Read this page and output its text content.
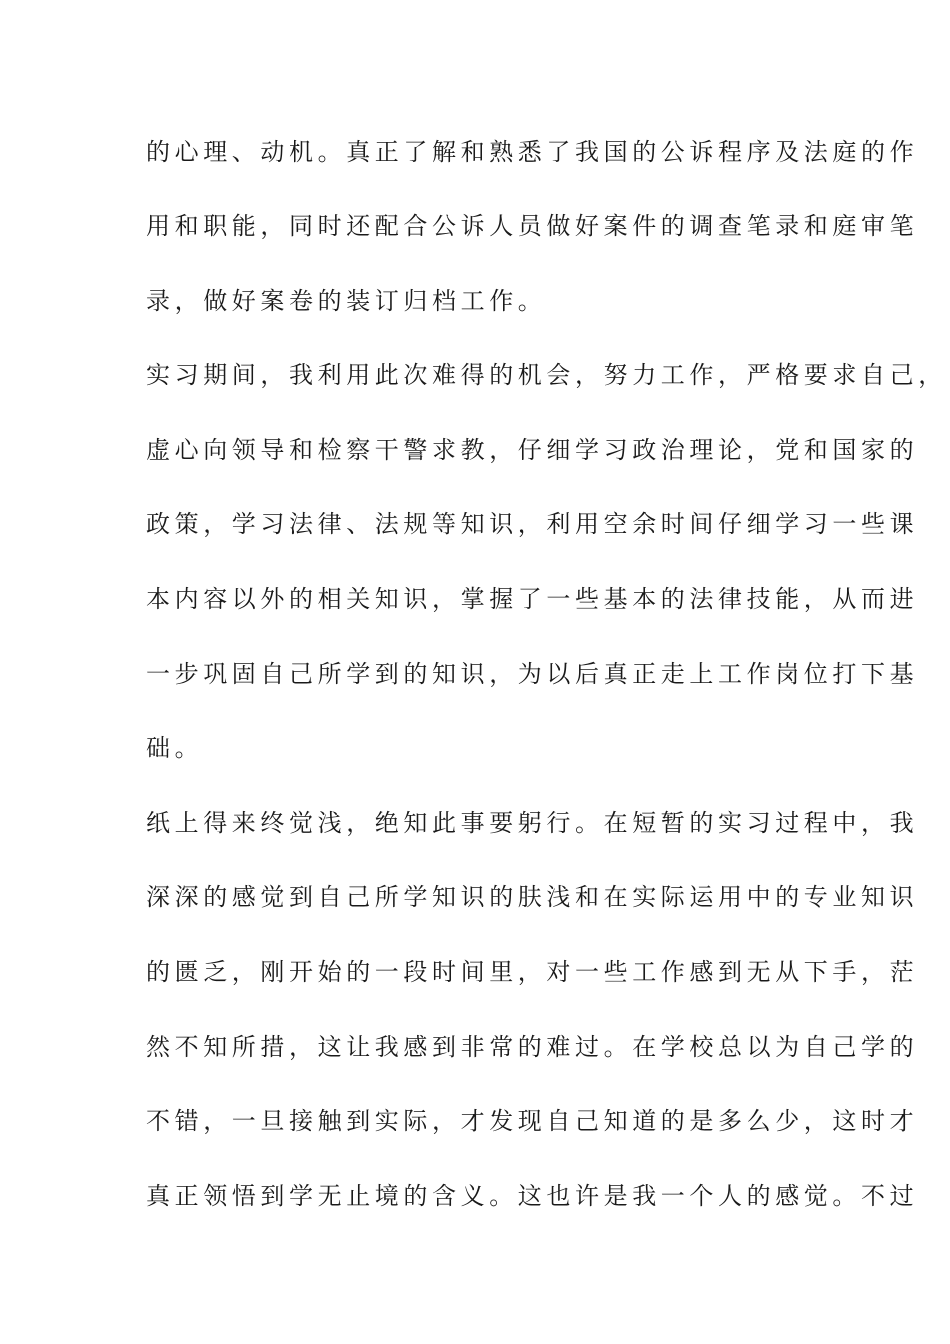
的心理、动机。真正了解和熟悉了我国的公诉程序及法庭的作
用和职能，同时还配合公诉人员做好案件的调查笔录和庭审笔
录，做好案卷的装订归档工作。
实习期间，我利用此次难得的机会，努力工作，严格要求自己，
虚心向领导和检察干警求教，仔细学习政治理论，党和国家的
政策，学习法律、法规等知识，利用空余时间仔细学习一些课
本内容以外的相关知识，掌握了一些基本的法律技能，从而进
一步巩固自己所学到的知识，为以后真正走上工作岗位打下基
础。
纸上得来终觉浅，绝知此事要躬行。在短暂的实习过程中，我
深深的感觉到自己所学知识的肤浅和在实际运用中的专业知识
的匮乏，刚开始的一段时间里，对一些工作感到无从下手，茫
然不知所措，这让我感到非常的难过。在学校总以为自己学的
不错，一旦接触到实际，才发现自己知道的是多么少，这时才
真正领悟到学无止境的含义。这也许是我一个人的感觉。不过
